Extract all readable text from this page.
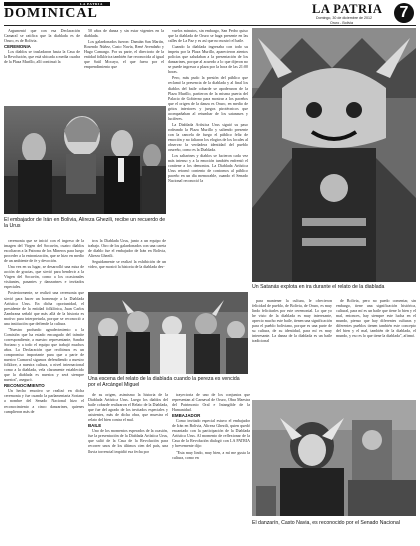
LA PATRIA
DOMINICAL	LA PATRIA
Domingo, 30 de diciembre de 2012
Oruro - Bolivia
7

Argumentó que con esa Declaración Camaral se ratifica que la diablada es de Oruro, es de Bolivia.

CEREMONIA

Los diablos se trasladaron hasta la Casa de la Revolución, que está ubicada a media cuadra de la Plaza Murillo, allí continuó la

50 años de danza y sin estar vigentes en la diablada.

Los galardonados fueron: Damián San Martín, Rosendo Núñez, Casto Navía, René Avendaño y Hugo Camargo. Por su parte, el directorio de la entidad folklórica también fue reconocida al igual que Saúl Mocaya, el que fuera por el emprendimiento que

vuelos minutos, sin embargo, San Pedro quiso que la diablada de Oruro se haga presente en las calles de La Paz y es así que no mostró el baile.

Cuando la diablada ingresaba con todo su ímpetu por la Plaza Murillo, aparecieron atentos policías que saludaban a la presentación de los danzarines, porque al acuerdo a lo que dijeron no se puede ingresar a plaza por la hora de las 21:00 horas.

Pero, más pudo la presión del público que reclamó la presencia de la diablada y al final los diablos del baile cobarde se apoderaron de la Plaza Murillo, partieron de la misma puerta del Palacio de Gobierno para mostrar a los paceños que el origen de la danza es Oruro, en medio de gritos interiores y juegos pirotécnicos que acompañaban al retumbar de los satanases y luciferes.

La Diablada Artística Urus siguió su paso rodeando la Plaza Murillo y saliendo presente con la cancela de fuego el público feliz de emoción y no faltaron los elogios de los locales al observar la verdadera identidad del pueblo orureño, como es la Diablada.

Los saltarines y diablos se lucieron cada vez más intenso y a la emoción también enfrentó el contiene a los demonios. La Diablada Artística Urus retornó contento de contornos al público paceño en un día memorable, cuando el Senado Nacional reconoció la

El embajador de Irán en Bolivia, Alireza Ghezili, recibe un recuerdo de la Urus

ceremonia que se inició con el ingreso de la imagen del Virgen del Socavón, cuatro diablos escoltaron a la Patrona de los Mineros para luego proceder a la entronización, que se hizo en medio de un ambiente de fe y devoción.

Una vez en su lugar, se desarrolló una misa de acción de gracias, que sirvió para bendecir a la Virgen del Socavón, como a los ocasionales visitantes, pasantes y danzarines e invitados especiales.

Posteriormente, se realizó una ceremonia que sirvió para hacer un homenaje a la Diablada Artística Urus. En dicha oportunidad, el presidente de la entidad folklórica, Juan Carlos Zambrana señaló que más allá de la historia es motivo para interpretarla, porque se reconoció a una institución que defiende la cultura.

"Nuestro profundo agradecimiento a la Comisión que ha estado encargado del trámite correspondiente, a nuestro representante, Sandra Soriano y a todo el equipo que trabajó muchos años. La Declaración que recibimos es un compromiso importante para que a parte de nuestro Carnaval sigamos defendiendo a nuestro folklore, a nuestra cultura, a nivel internacional como a la diablada, vela claramente establecido que la diablada es nuestra y será siempre nuestra", aseguró.

RECONOCIMIENTO

Un hecho emotivo se realizó en dicha ceremonia y fue cuando la parlamentaria Soriano a nombre del Senado Nacional hizo el reconocimiento a cinco danzarines, quienes cumplieron más de

tros la Diablada Urus, junto a un equipo de trabajo. Otro de los galardonados con una careta de diablo fue el embajador de Irán en Bolivia, Alireza Ghezili.

Seguidamente se realizó la exhibición de un video, que mostró la historia de la diablada des-

Una escena del relato de la diablada cuando la pereza es vencida por el Arcángel Miguel

de su origen, asimismo la historia de la Diablada Artística Urus. Luego los diablos del baile cobarde realizaron el Relato de la Diablada, que fue del agrado de los invitados especiales y asistentes, más de dicha obra, que muestra el relato del bien contra el mal.

BAILE

Uno de los momentos esperados de la ocasión, fue la presentación de la Diablada Artística Urus, que salió de la Casa de la Revolución para recorrer unos de los últimos cien del país, una lluvia torrencial impidió esa fecha por

trayectoria de uno de los conjuntos que representan al Carnaval de Oruro, Obra Maestra del Patrimonio Oral e Intangible de la Humanidad.

EMBAJADOR

Como invitado especial estuvo el embajador de Irán en Bolivia, Alireza Ghezili, quien quedó encantado con la participación de la Diablada Artística Urus. Al momento de reflexionar de la Casa de la Revolución dialogó con LA PATRIA y brevemente dijo:

"Esta muy lindo, muy bien, a mí me gusta la cultura, como en

Un Satanás explota en ira durante el relato de la diablada

para mantener la cultura, le ofrecieron felicidad de pueblo, de Bolivia, de Oruro, es muy lindo felicitarles por este ceremonial. Lo que yo he visto de la diablada es muy interesante, aprecio mucho este baile, tienen una significación para el pueblo boliviano, porque es una parte de su cultura, de su identidad, para mí es muy interesante. La danza de la diablada es un baile tradicional

de Bolivia, pero no puedo comentar, sin embargo, tiene una significación histórica, cultural, para mí es un baile que tiene lo bien y el mal, entonces, hay siempre este lucha en el mundo, pienso que hay diferentes culturas y diferentes pueblos tienen también este concepto del bien y el mal, también de la diablada, el mundo, y eso es lo que tiene la diablada", afirmó.

El danzarín, Casto Navia, es reconocido por el Senado Nacional
